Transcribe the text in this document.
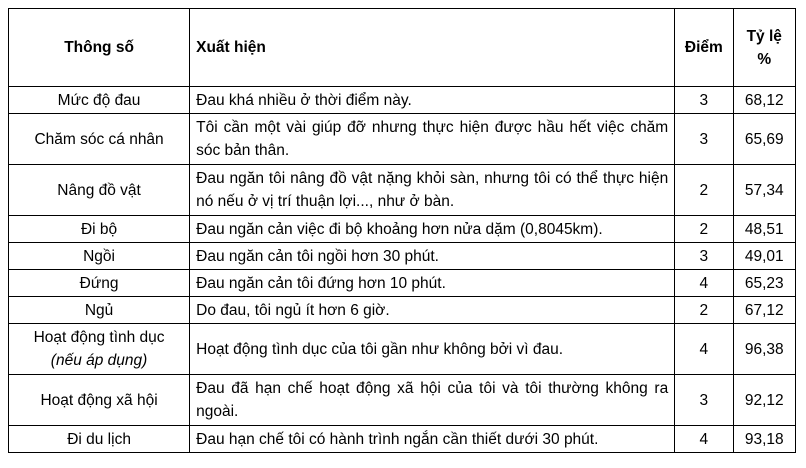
Thông số	Xuất hiện	Điểm	Tỷ lệ
%

Mức độ đau	Đau khá nhiều ở thời điểm này.	3	68,12
Chăm sóc cá nhân	Tôi cần một vài giúp đỡ nhưng thực hiện được hầu hết việc chăm sóc bản thân.	3	65,69
Nâng đồ vật	Đau ngăn tôi nâng đồ vật nặng khỏi sàn, nhưng tôi có thể thực hiện nó nếu ở vị trí thuận lợi..., như ở bàn.	2	57,34
Đi bộ	Đau ngăn cản việc đi bộ khoảng hơn nửa dặm (0,8045km).	2	48,51
Ngồi	Đau ngăn cản tôi ngồi hơn 30 phút.	3	49,01
Đứng	Đau ngăn cản tôi đứng hơn 10 phút.	4	65,23
Ngủ	Do đau, tôi ngủ ít hơn 6 giờ.	2	67,12

Hoạt động tình dục
(nếu áp dụng)	Hoạt động tình dục của tôi gần như không bởi vì đau.	4	96,38
Hoạt động xã hội	Đau đã hạn chế hoạt động xã hội của tôi và tôi thường không ra ngoài.	3	92,12
Đi du lịch	Đau hạn chế tôi có hành trình ngắn cần thiết dưới 30 phút.	4	93,18
